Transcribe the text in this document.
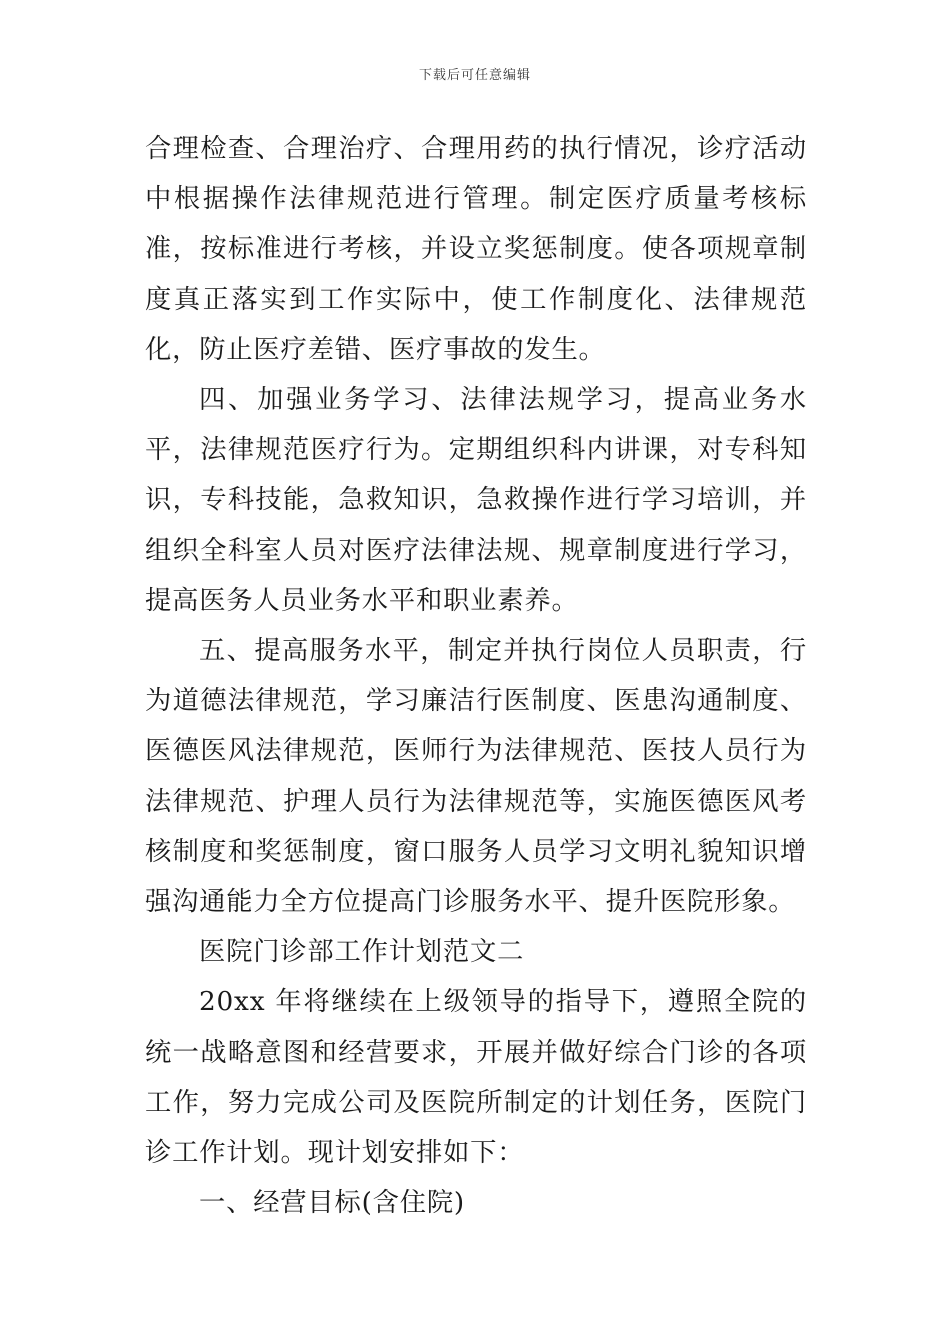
下载后可任意编辑

合理检查、合理治疗、合理用药的执行情况，诊疗活动中根据操作法律规范进行管理。制定医疗质量考核标准，按标准进行考核，并设立奖惩制度。使各项规章制度真正落实到工作实际中，使工作制度化、法律规范化，防止医疗差错、医疗事故的发生。

四、加强业务学习、法律法规学习，提高业务水平，法律规范医疗行为。定期组织科内讲课，对专科知识，专科技能，急救知识，急救操作进行学习培训，并组织全科室人员对医疗法律法规、规章制度进行学习，提高医务人员业务水平和职业素养。

五、提高服务水平，制定并执行岗位人员职责，行为道德法律规范，学习廉洁行医制度、医患沟通制度、医德医风法律规范，医师行为法律规范、医技人员行为法律规范、护理人员行为法律规范等，实施医德医风考核制度和奖惩制度，窗口服务人员学习文明礼貌知识增强沟通能力全方位提高门诊服务水平、提升医院形象。

医院门诊部工作计划范文二

20xx 年将继续在上级领导的指导下，遵照全院的统一战略意图和经营要求，开展并做好综合门诊的各项工作，努力完成公司及医院所制定的计划任务，医院门诊工作计划。现计划安排如下：

一、经营目标(含住院)
